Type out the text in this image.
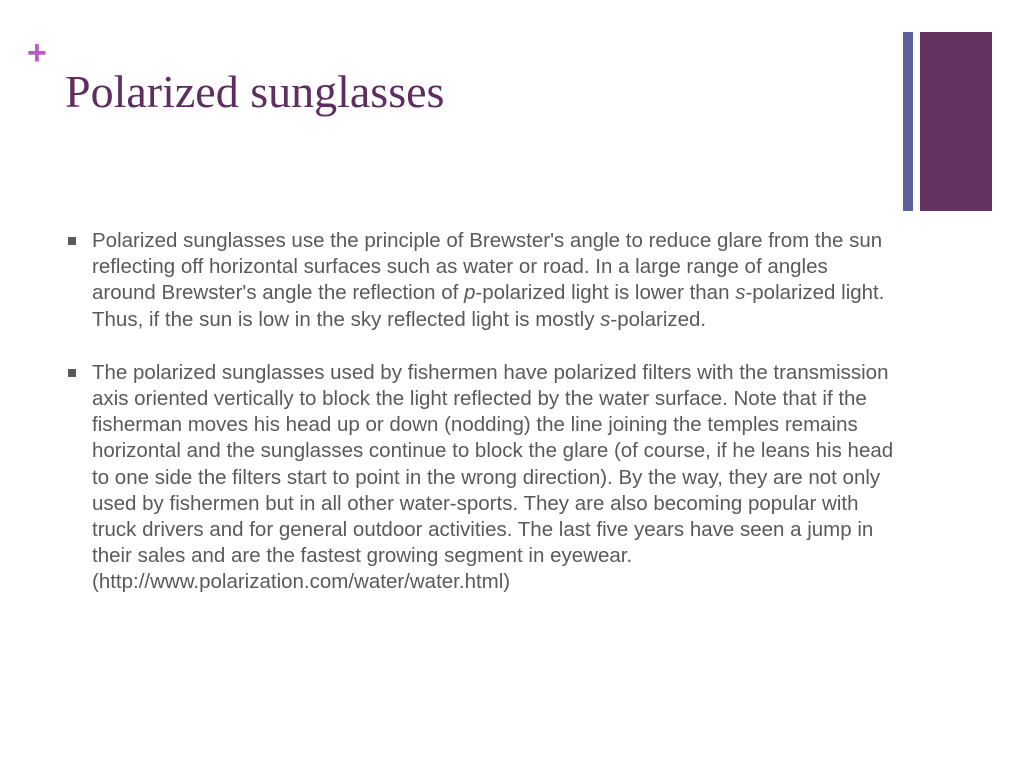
+
Polarized sunglasses
Polarized sunglasses use the principle of Brewster's angle to reduce glare from the sun reflecting off horizontal surfaces such as water or road. In a large range of angles around Brewster's angle the reflection of p-polarized light is lower than s-polarized light. Thus, if the sun is low in the sky reflected light is mostly s-polarized.
The polarized sunglasses used by fishermen have polarized filters with the transmission axis oriented vertically to block the light reflected by the water surface. Note that if the fisherman moves his head up or down (nodding) the line joining the temples remains horizontal and the sunglasses continue to block the glare (of course, if he leans his head to one side the filters start to point in the wrong direction). By the way, they are not only used by fishermen but in all other water-sports. They are also becoming popular with truck drivers and for general outdoor activities. The last five years have seen a jump in their sales and are the fastest growing segment in eyewear.(http://www.polarization.com/water/water.html)
